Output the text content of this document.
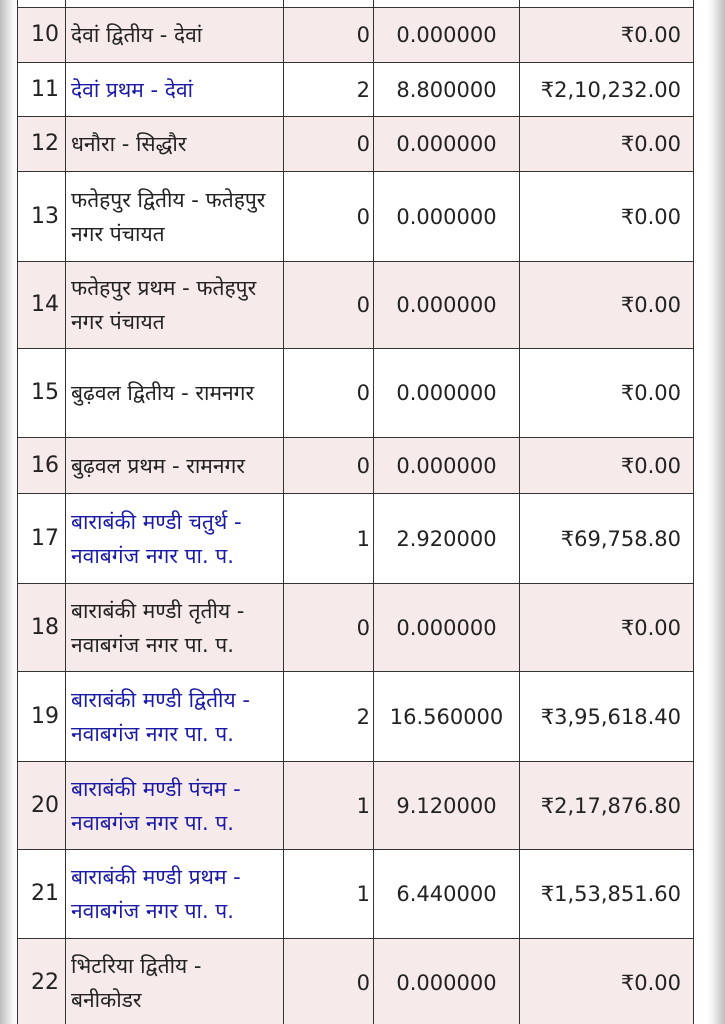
10	देवां द्वितीय - देवां	0	0.000000	₹0.00
11	देवां प्रथम - देवां	2	8.800000	₹2,10,232.00
12	धनौरा - सिद्धौर	0	0.000000	₹0.00
13	फतेहपुर द्वितीय - फतेहपुर नगर पंचायत	0	0.000000	₹0.00
14	फतेहपुर प्रथम - फतेहपुर नगर पंचायत	0	0.000000	₹0.00
15	बुढ़वल द्वितीय - रामनगर	0	0.000000	₹0.00
16	बुढ़वल प्रथम - रामनगर	0	0.000000	₹0.00
17	बाराबंकी मण्डी चतुर्थ - नवाबगंज नगर पा. प.	1	2.920000	₹69,758.80
18	बाराबंकी मण्डी तृतीय - नवाबगंज नगर पा. प.	0	0.000000	₹0.00
19	बाराबंकी मण्डी द्वितीय - नवाबगंज नगर पा. प.	2	16.560000	₹3,95,618.40
20	बाराबंकी मण्डी पंचम - नवाबगंज नगर पा. प.	1	9.120000	₹2,17,876.80
21	बाराबंकी मण्डी प्रथम - नवाबगंज नगर पा. प.	1	6.440000	₹1,53,851.60
22	भिटरिया द्वितीय - बनीकोडर	0	0.000000	₹0.00
